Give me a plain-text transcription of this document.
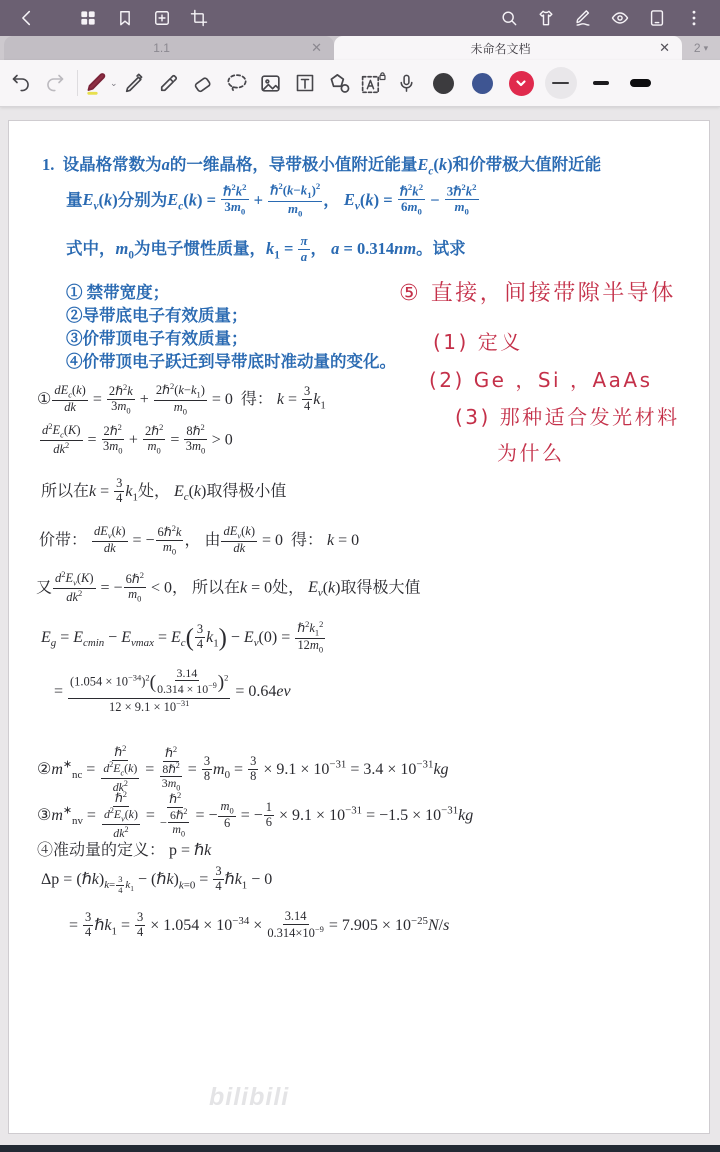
1.1	✕	未命名文档	✕ 2 ▾
⌄
1.  设晶格常数为a的一维晶格，导带极小值附近能量$E_c(k)$和价带极大值附近能
量$E_v(k)$分别为$E_c(k)$ = $\hbar^2k^2$
$3m_0$
+
$\hbar^2(k-k_1)^2$
$m_0$
， $E_v(k)$ = $\hbar^2k^2$
$6m_0$
− $3\hbar^2k^2$
$m_0$
式中，$m_0$为电子惯性质量，$k_1 = \frac{\pi}{a}$ ， a = 0.314nm。试求
① 禁带宽度；
②导带底电子有效质量；
③价带顶电子有效质量；
④价带顶电子跃迁到导带底时准动量的变化。
①
$dE_c(k)$
dk =
2ℏ$^2$k
$3m_0$
+
$2\hbar^2(k-k_1)$
$m_0$
= 0  得： $k = \frac{3}{4} k_1$
$\frac{d^2E_c(K)}{dk^2}$ =
2ℏ$^2$
$3m_0$
+
2ℏ$^2$
$m_0$
=
8ℏ$^2$
$3m_0$
> 0
所以在$k = \frac{3}{4} k_1$处， $E_c(k)$取得极小值
价带：
$dE_v(k)$
dk = −
6ℏ$^2$k
$m_0$
， 由
$dE_v(k)$
dk = 0  得： k = 0
又 $\frac{d^2E_v(K)}{dk^2}$ = −
6ℏ$^2$
$m_0$
< 0， 所以在k = 0处， $E_v(k)$取得极大值
$E_g = E_{cmin} - E_{vmax} = E_c( \frac{3}{4} k_1) - E_v(0)$ =
$\hbar^2k_1^2$
$12m_0$
= $\frac{(1.054 \times 10^{-34})^2( \frac{3.14}{0.314 \times 10^{-9}} )^2}{12 \times 9.1 \times 10^{-31}} = 0.64ev$
$②m^∗_{nc}$ =
ℏ$^2$
$\frac{d^2E_c(k)}{dk^2}$ =
ℏ$^2$
8ℏ$^2$
$3m_0$
= $\frac{3}{8} m_0 = \frac{3}{8} \times 9.1 \times 10^{-31} = 3.4 \times 10^{-31}kg$
$③m^∗_{nv}$ =
ℏ$^2$
$\frac{d^2E_v(k)}{dk^2}$ =
ℏ$^2$
−
6ℏ$^2$
$m_0$
= − $\frac{m_0}{6}$ = − $\frac{1}{6} \times 9.1 \times 10^{-31} = -1.5 \times 10^{-31}kg$
④准动量的定义： p = ℏk
$\Delta p = (\hbar k)_{k= \frac{3}{4} k_1}$ − $(\hbar k)_{k=0} = \frac{3}{4}$ ℏk$_1$ − 0
= $\frac{3}{4}$ ℏk$_1$ = $\frac{3}{4} \times 1.054 \times 10^{-34} \times \frac{3.14}{0.314\times 10^{-9}} = 7.905 \times 10^{-25}N/s$
⑤ 直接，间接带隙半导体
(1) 定义
(2) Ge ，Si ，AaAs
(3) 那种适合发光材料
为什么
bilibili
